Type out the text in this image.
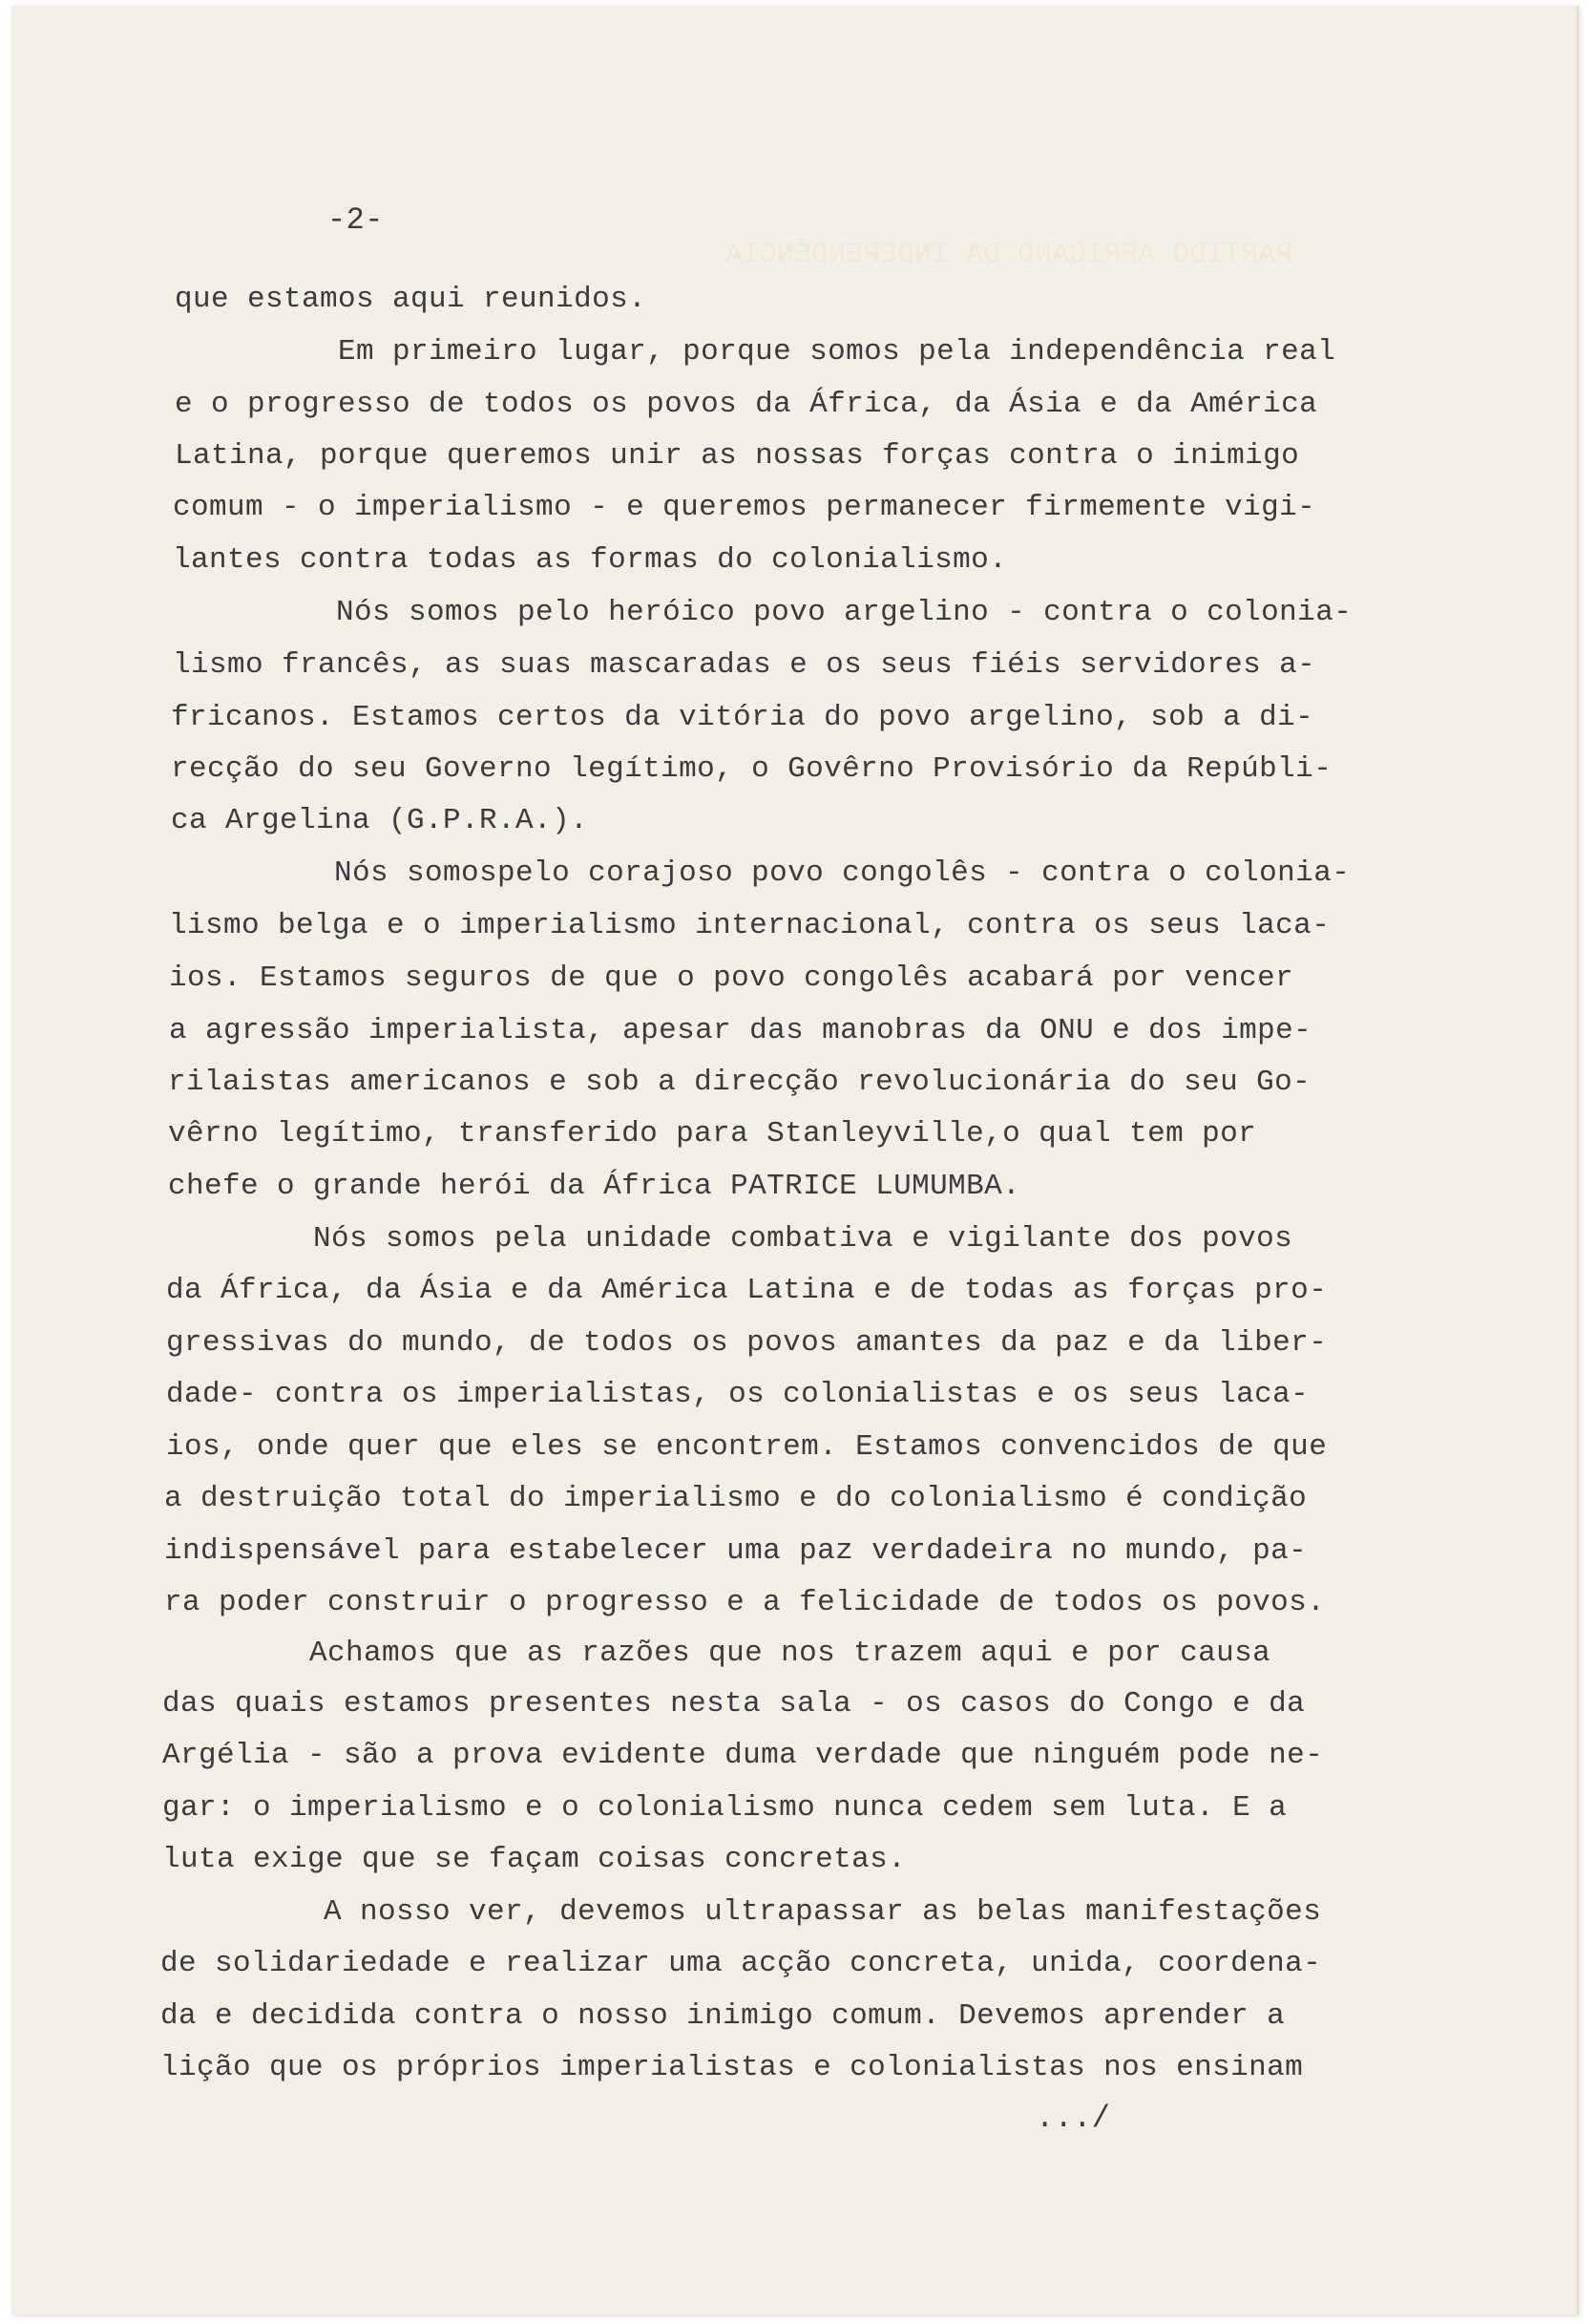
PARTIDO AFRICANO DA INDEPENDÊNCIA
-2-

que estamos aqui reunidos.

Em primeiro lugar, porque somos pela independência real

e o progresso de todos os povos da África, da Ásia e da América

Latina, porque queremos unir as nossas forças contra o inimigo

comum - o imperialismo - e queremos permanecer firmemente vigi-

lantes contra todas as formas do colonialismo.

Nós somos pelo heróico povo argelino - contra o colonia-

lismo francês, as suas mascaradas e os seus fiéis servidores a-

fricanos. Estamos certos da vitória do povo argelino, sob a di-

recção do seu Governo legítimo, o Govêrno Provisório da Repúbli-

ca Argelina (G.P.R.A.).

Nós somospelo corajoso povo congolês - contra o colonia-

lismo belga e o imperialismo internacional, contra os seus laca-

ios. Estamos seguros de que o povo congolês acabará por vencer

a agressão imperialista, apesar das manobras da ONU e dos impe-

rilaistas americanos e sob a direcção revolucionária do seu Go-

vêrno legítimo, transferido para Stanleyville,o qual tem por

chefe o grande herói da África PATRICE LUMUMBA.

Nós somos pela unidade combativa e vigilante dos povos

da África, da Ásia e da América Latina e de todas as forças pro-

gressivas do mundo, de todos os povos amantes da paz e da liber-

dade- contra os imperialistas, os colonialistas e os seus laca-

ios, onde quer que eles se encontrem. Estamos convencidos de que

a destruição total do imperialismo e do colonialismo é condição

indispensável para estabelecer uma paz verdadeira no mundo, pa-

ra poder construir o progresso e a felicidade de todos os povos.

Achamos que as razões que nos trazem aqui e por causa

das quais estamos presentes nesta sala - os casos do Congo e da

Argélia - são a prova evidente duma verdade que ninguém pode ne-

gar: o imperialismo e o colonialismo nunca cedem sem luta. E a

luta exige que se façam coisas concretas.

A nosso ver, devemos ultrapassar as belas manifestações

de solidariedade e realizar uma acção concreta, unida, coordena-

da e decidida contra o nosso inimigo comum. Devemos aprender a

lição que os próprios imperialistas e colonialistas nos ensinam

.../
